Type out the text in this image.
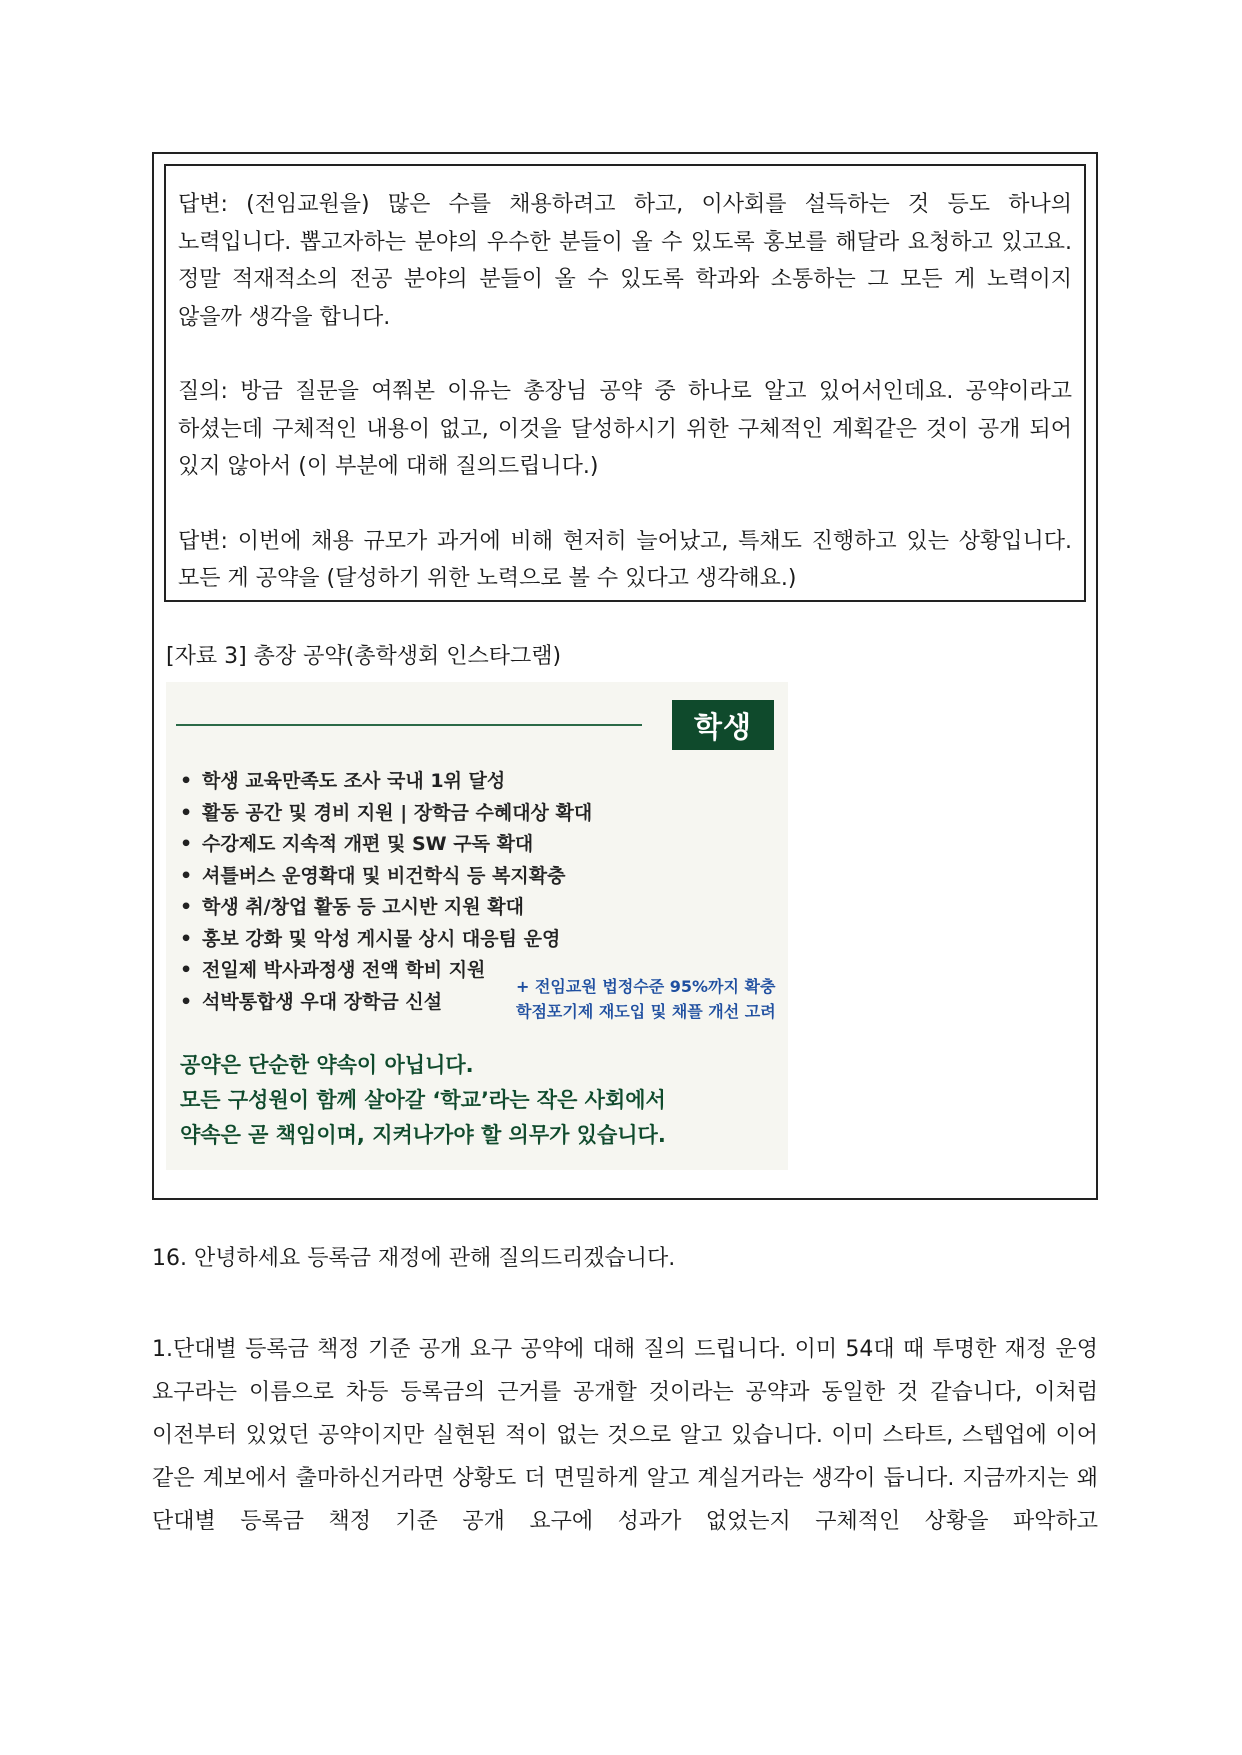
답변: (전임교원을) 많은 수를 채용하려고 하고, 이사회를 설득하는 것 등도 하나의 노력입니다. 뽑고자하는 분야의 우수한 분들이 올 수 있도록 홍보를 해달라 요청하고 있고요. 정말 적재적소의 전공 분야의 분들이 올 수 있도록 학과와 소통하는 그 모든 게 노력이지 않을까 생각을 합니다.

질의: 방금 질문을 여쭤본 이유는 총장님 공약 중 하나로 알고 있어서인데요. 공약이라고 하셨는데 구체적인 내용이 없고, 이것을 달성하시기 위한 구체적인 계획같은 것이 공개 되어 있지 않아서 (이 부분에 대해 질의드립니다.)

답변: 이번에 채용 규모가 과거에 비해 현저히 늘어났고, 특채도 진행하고 있는 상황입니다. 모든 게 공약을 (달성하기 위한 노력으로 볼 수 있다고 생각해요.)

[자료 3] 총장 공약(총학생회 인스타그램)
학생
• 학생 교육만족도 조사 국내 1위 달성
• 활동 공간 및 경비 지원 | 장학금 수혜대상 확대
• 수강제도 지속적 개편 및 SW 구독 확대
• 셔틀버스 운영확대 및 비건학식 등 복지확충
• 학생 취/창업 활동 등 고시반 지원 확대
• 홍보 강화 및 악성 게시물 상시 대응팀 운영
• 전일제 박사과정생 전액 학비 지원
• 석박통합생 우대 장학금 신설
+ 전임교원 법정수준 95%까지 확충
학점포기제 재도입 및 채플 개선 고려
공약은 단순한 약속이 아닙니다.
모든 구성원이 함께 살아갈 ‘학교’라는 작은 사회에서
약속은 곧 책임이며, 지켜나가야 할 의무가 있습니다.
16. 안녕하세요 등록금 재정에 관해 질의드리겠습니다.

1.단대별 등록금 책정 기준 공개 요구 공약에 대해 질의 드립니다. 이미 54대 때 투명한 재정 운영 요구라는 이름으로 차등 등록금의 근거를 공개할 것이라는 공약과 동일한 것 같습니다, 이처럼 이전부터 있었던 공약이지만 실현된 적이 없는 것으로 알고 있습니다. 이미 스타트, 스텝업에 이어 같은 계보에서 출마하신거라면 상황도 더 면밀하게 알고 계실거라는 생각이 듭니다. 지금까지는 왜 단대별 등록금 책정 기준 공개 요구에 성과가 없었는지 구체적인 상황을 파악하고
